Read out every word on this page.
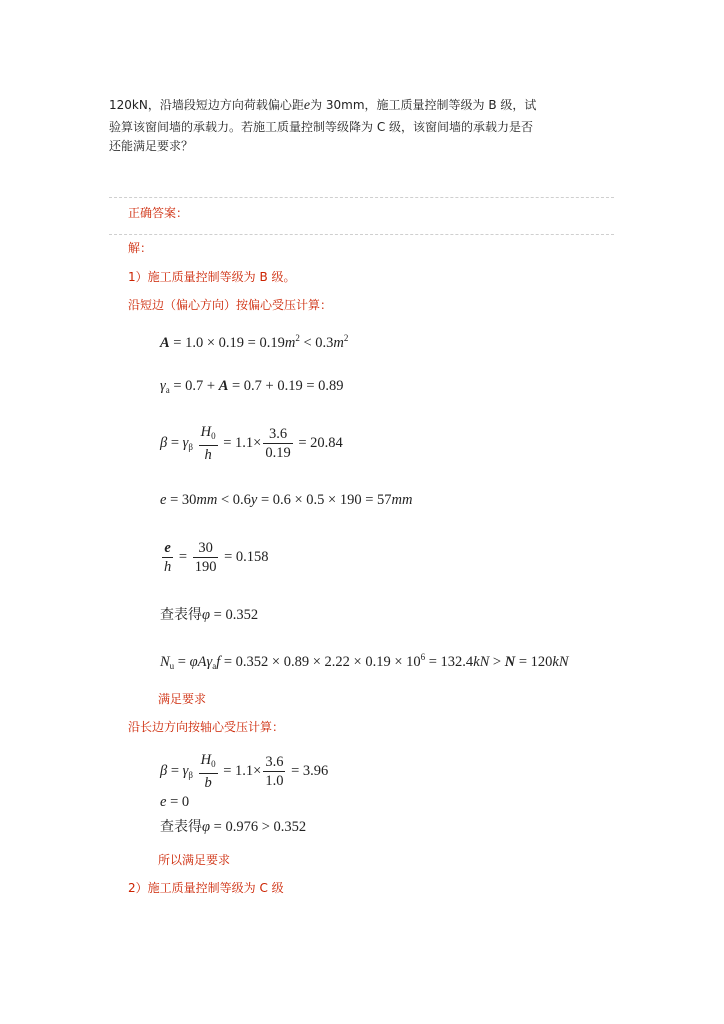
120kN，沿墙段短边方向荷载偏心距e为 30mm，施工质量控制等级为 B 级，试
验算该窗间墙的承载力。若施工质量控制等级降为 C 级，该窗间墙的承载力是否
还能满足要求？
正确答案：
解：
1）施工质量控制等级为 B 级。
沿短边（偏心方向）按偏心受压计算：
$A = 1.0 \times 0.19 = 0.19m^2 < 0.3m^2$
$\gamma_a = 0.7 + A = 0.7 + 0.19 = 0.89$
$\beta = \gamma_\beta \frac{H_0}{h} = 1.1\times \frac{3.6}{0.19} = 20.84$
e = 30mm < 0.6y = 0.6 × 0.5 × 190 = 57mm
$\frac{e}{h} = \frac{30}{190} = 0.158$
查表得φ = 0.352
$N_u = \varphi A\gamma_af = 0.352 \times 0.89 \times 2.22 \times 0.19 \times 10^6 = 132.4kN > N = 120kN$
满足要求
沿长边方向按轴心受压计算：
$\beta = \gamma_\beta \frac{H_0}{b} = 1.1\times \frac{3.6}{1.0} = 3.96$
e = 0
查表得φ = 0.976 > 0.352
所以满足要求
2）施工质量控制等级为 C 级
